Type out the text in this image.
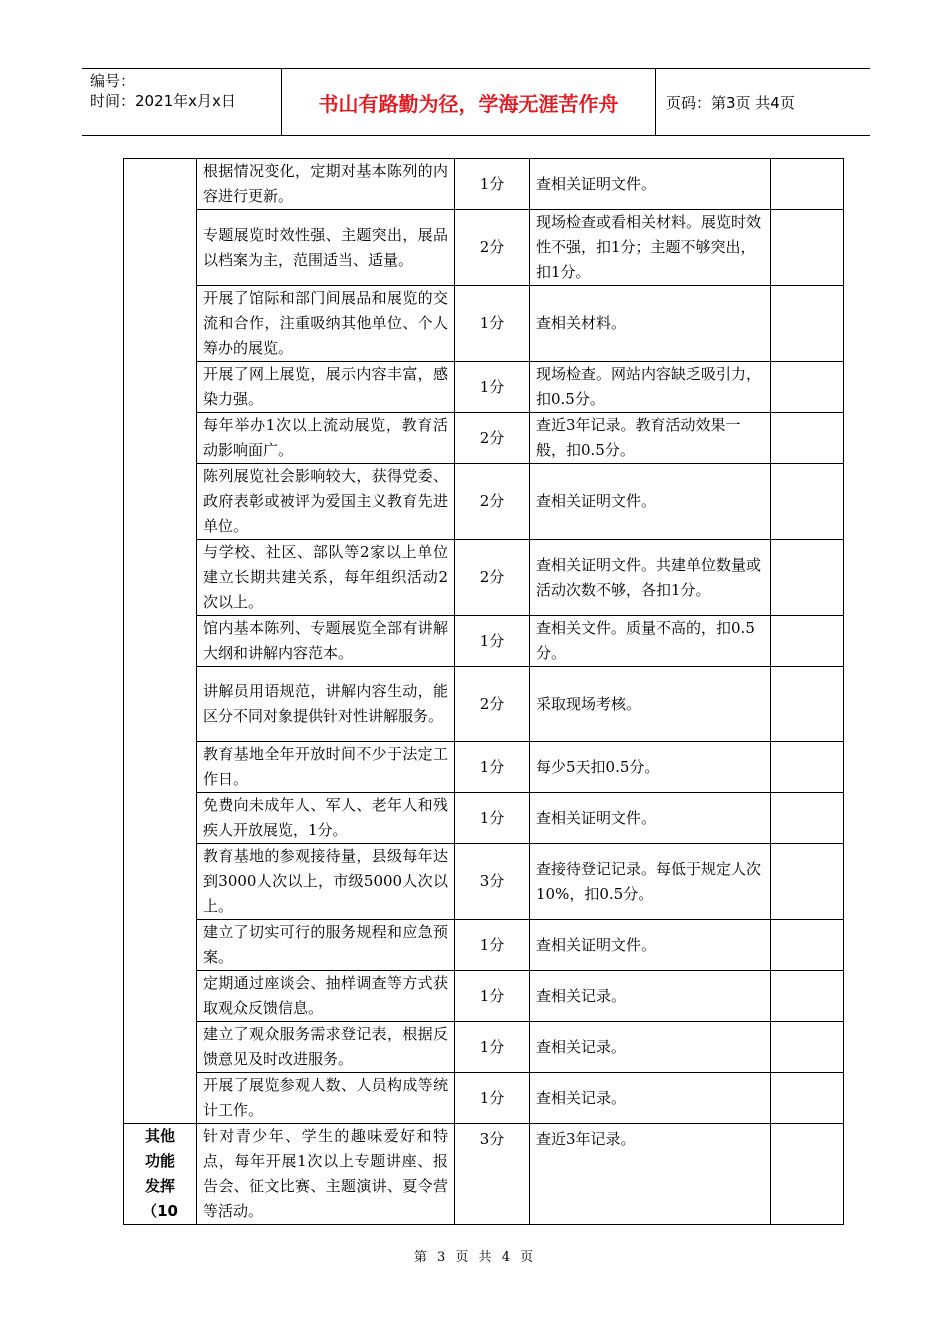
编号：
时间：2021年x月x日	书山有路勤为径，学海无涯苦作舟	页码：第3页 共4页
	根据情况变化，定期对基本陈列的内容进行更新。	1分	查相关证明文件。	
	专题展览时效性强、主题突出，展品以档案为主，范围适当、适量。	2分	现场检查或看相关材料。展览时效性不强，扣1分；主题不够突出，扣1分。	
	开展了馆际和部门间展品和展览的交流和合作，注重吸纳其他单位、个人筹办的展览。	1分	查相关材料。	
	开展了网上展览，展示内容丰富，感染力强。	1分	现场检查。网站内容缺乏吸引力，扣0.5分。	
	每年举办1次以上流动展览，教育活动影响面广。	2分	查近3年记录。教育活动效果一般，扣0.5分。	
	陈列展览社会影响较大，获得党委、政府表彰或被评为爱国主义教育先进单位。	2分	查相关证明文件。	
	与学校、社区、部队等2家以上单位建立长期共建关系，每年组织活动2次以上。	2分	查相关证明文件。共建单位数量或活动次数不够，各扣1分。	
	馆内基本陈列、专题展览全部有讲解大纲和讲解内容范本。	1分	查相关文件。质量不高的，扣0.5分。	
	讲解员用语规范，讲解内容生动，能区分不同对象提供针对性讲解服务。	2分	采取现场考核。	
	教育基地全年开放时间不少于法定工作日。	1分	每少5天扣0.5分。	
	免费向未成年人、军人、老年人和残疾人开放展览，1分。	1分	查相关证明文件。	
	教育基地的参观接待量，县级每年达到3000人次以上，市级5000人次以上。	3分	查接待登记记录。每低于规定人次10%，扣0.5分。	
	建立了切实可行的服务规程和应急预案。	1分	查相关证明文件。	
	定期通过座谈会、抽样调查等方式获取观众反馈信息。	1分	查相关记录。	
	建立了观众服务需求登记表，根据反馈意见及时改进服务。	1分	查相关记录。	
	开展了展览参观人数、人员构成等统计工作。	1分	查相关记录。	
其他
功能
发挥
（10	针对青少年、学生的趣味爱好和特点，每年开展1次以上专题讲座、报告会、征文比赛、主题演讲、夏令营等活动。	3分	查近3年记录。	
第 3 页 共 4 页
